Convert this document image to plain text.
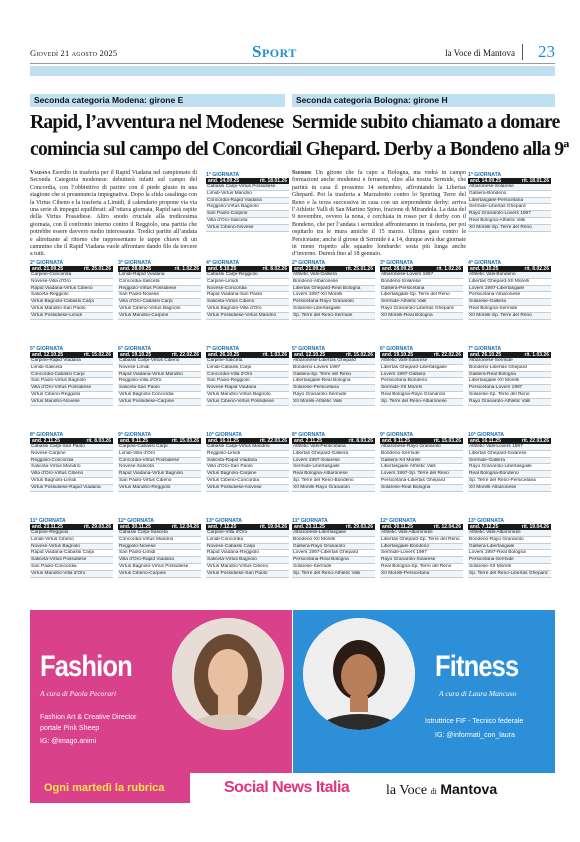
Giovedì 21 agosto 2025	Sport	la Voce di Mantova 23
Seconda categoria Modena: girone E
Rapid, l’avventura nel Modenese
comincia sul campo del Concordia
Viadana Esordio in trasferta per il Rapid Viadana nel campionato di Seconda Categoria modenese: debutterà infatti sul campo del Concordia, con l’obbiettivo di partire con il piede giusto in una stagione che si preannuncia impegnativa. Dopo la sfida casalinga con la Virtus Cibeno e la trasferta a Limidi, il calendario propone via via una serie di impegni equilibrati: all’ottava giornata, Rapid sarà ospite della Virtus Possidiese. Altro snodo cruciale alla tredicesima giornata, con il confronto interno contro il Reggiolo, una partita che potrebbe essere davvero molto interessante. Tredici partite all’andata e altrettante al ritorno che rappresentano le tappe chiave di un cammino che il Rapid Viadana vuole affrontare dando filo da torcere a tutti.
1ª GIORNATA
and. 14.09.25	rit. 18.01.26
Cabassi Carpi-Virtus Possidiese
Limidi-Virtus Mandrio
Concordia-Rapid Viadana
Reggiolo-Virtus Bagnolo
San Paolo-Carpine
Villa d'Oro-Saliceta
Virtus Cibeno-Novese
2ª GIORNATA
and. 21.09.25	rit. 25.01.26
Carpine-Concordia
Novese-Villa d'Oro
Rapid Viadana-Virtus Cibeno
Saliceta-Reggiolo
Virtus Bagnolo-Cabassi Carpi
Virtus Mandrio-San Paolo
Virtus Possidiese-Limidi
3ª GIORNATA
and. 28.09.25	rit. 1.02.26
Limidi-Rapid Viadana
Concordia-Saliceta
Reggiolo-Virtus Possidiese
San Paolo-Novese
Villa d'Oro-Cabassi Carpi
Virtus Cibeno-Virtus Bagnolo
Virtus Mandrio-Carpine
4ª GIORNATA
and. 5.10.25	rit. 8.02.26
Cabassi Carpi-Reggiolo
Carpine-Limidi
Novese-Concordia
Rapid Viadana-San Paolo
Saliceta-Virtus Cibeno
Virtus Bagnolo-Villa d'Oro
Virtus Possidiese-Virtus Mandrio
5ª GIORNATA
and. 12.10.25	rit. 15.02.26
Carpine-Rapid Viadana
Limidi-Saliceta
Concordia-Cabassi Carpi
San Paolo-Virtus Bagnolo
Villa d'Oro-Virtus Possidiese
Virtus Cibeno-Reggiolo
Virtus Mandrio-Novese
6ª GIORNATA
and. 19.10.25	rit. 22.02.26
Cabassi Carpi-Virtus Cibeno
Novese-Limidi
Rapid Viadana-Virtus Mandrio
Reggiolo-Villa d'Oro
Saliceta-San Paolo
Virtus Bagnolo-Concordia
Virtus Possidiese-Carpine
7ª GIORNATA
and. 26.10.25	rit. 1.03.26
Carpine-Saliceta
Limidi-Cabassi Carpi
Concordia-Villa d'Oro
San Paolo-Reggiolo
Novese-Rapid Viadana
Virtus Mandrio-Virtus Bagnolo
Virtus Cibeno-Virtus Possidiese
8ª GIORNATA
and. 2.11.25	rit. 8.03.26
Cabassi Carpi-San Paolo
Novese-Carpine
Reggiolo-Concordia
Saliceta-Virtus Mandrio
Villa d'Oro-Virtus Cibeno
Virtus Bagnolo-Limidi
Virtus Possidiese-Rapid Viadana
9ª GIORNATA
and. 9.11.25	rit. 15.03.26
Carpine-Cabassi Carpi
Limidi-Villa d'Oro
Concordia-Virtus Possidiese
Novese-Saliceta
Rapid Viadana-Virtus Bagnolo
San Paolo-Virtus Cibeno
Virtus Mandrio-Reggiolo
10ª GIORNATA
and. 16.11.25	rit. 22.03.26
Cabassi Carpi-Virtus Mandrio
Reggiolo-Limidi
Saliceta-Rapid Viadana
Villa d'Oro-San Paolo
Virtus Bagnolo-Carpine
Virtus Cibeno-Concordia
Virtus Possidiese-Novese
11ª GIORNATA
and. 23.11.25	rit. 29.03.26
Carpine-Reggiolo
Limidi-Virtus Cibeno
Novese-Virtus Bagnolo
Rapid Viadana-Cabassi Carpi
Saliceta-Virtus Possidiese
San Paolo-Concordia
Virtus Mandrio-Villa d'Oro
12ª GIORNATA
and. 30.11.25	rit. 12.04.26
Cabassi Carpi-Saliceta
Concordia-Virtus Mandrio
Reggiolo-Novese
San Paolo-Limidi
Villa d'Oro-Rapid Viadana
Virtus Bagnolo-Virtus Possidiese
Virtus Cibeno-Carpine
13ª GIORNATA
and. 7.12.25	rit. 19.04.26
Carpine-Villa d'Oro
Limidi-Concordia
Novese-Cabassi Carpi
Rapid Viadana-Reggiolo
Saliceta-Virtus Bagnolo
Virtus Mandrio-Virtus Cibeno
Virtus Possidiese-San Paolo
Seconda categoria Bologna: girone H
Sermide subito chiamato a domare
il Ghepard. Derby a Bondeno alla 9ª
Sermide Un girone che fa capo a Bologna, ma vedrà in campo formazioni anche modenesi e ferraresi, oltre alla nostra Sermide, che partirà in casa il prossimo 14 settembre, affrontando la Libertas Ghepard. Poi la trasferta a Marzabotto contro lo Sporting Terre del Reno e la terza successiva in casa con un sorprendente derby: arriva l’Athletic Valli di San Martino Spino, frazione di Mirandola. La data del 9 novembre, ovvero la nona, è cerchiata in rosso per il derby con il Bondeno, che per l’andata i sermidesi affronteranno in trasferta, per poi ospitarlo tra le mura amiche il 15 marzo. Ultima gara contro le Persicetane; anche il girone di Sermide è a 14, dunque avrà due giornate in meno rispetto alle squadre lombarde: sosta più lunga anche d’inverno. Durerà fino al 18 gennaio.
1ª GIORNATA
and. 14.09.25	rit. 18.01.26
Albaronese-Solarese
Galliera-Bondeno
Libertasgaile-Persicetana
Sermide-Libertas Ghepard
Rayo Granarolo-Lovers 1997
Real Bologna-Athletic Valli
XII Morelli-Sp. Terre del Reno
2ª GIORNATA
and. 21.09.25	rit. 25.01.26
Athletic Valli-Galliera
Bondeno-Albaronese
Libertas Ghepard-Real Bologna
Lovers 1997-XII Morelli
Persicetana-Rayo Granarolo
Solarese-Libertasgaile
Sp. Terre del Reno-Sermide
3ª GIORNATA
and. 28.09.25	rit. 1.02.26
Albaronese-Lovers 1997
Bondeno-Solarese
Galliera-Persicetana
Libertasgaile-Sp. Terre del Reno
Sermide-Athletic Valli
Rayo Granarolo-Libertas Ghepard
XII Morelli-Real Bologna
4ª GIORNATA
and. 5.10.25	rit. 8.02.26
Athletic Valli-Bondeno
Libertas Ghepard-XII Morelli
Lovers 1997-Libertasgaile
Persicetana-Albaronese
Solarese-Galliera
Real Bologna-Sermide
XII Morelli-Sp. Terre del Reno
5ª GIORNATA
and. 12.10.25	rit. 15.02.26
Albaronese-Libertas Ghepard
Bondeno-Lovers 1997
Galliera-Sp. Terre del Reno
Libertasgaile-Real Bologna
Solarese-Persicetana
Rayo Granarolo-Sermide
XII Morelli-Athletic Valli
6ª GIORNATA
and. 19.10.25	rit. 22.02.26
Athletic Valli-Solarese
Libertas Ghepard-Libertasgaile
Lovers 1997-Galliera
Persicetana-Bondeno
Sermide-XII Morelli
Real Bologna-Rayo Granarolo
Sp. Terre del Reno-Albaronese
7ª GIORNATA
and. 26.10.25	rit. 1.03.26
Albaronese-Sermide
Bondeno-Libertas Ghepard
Galliera-Real Bologna
Libertasgaile-XII Morelli
Persicetana-Lovers 1997
Solarese-Sp. Terre del Reno
Rayo Granarolo-Athletic Valli
8ª GIORNATA
and. 2.11.25	rit. 8.03.26
Athletic Valli-Persicetana
Libertas Ghepard-Galliera
Lovers 1997-Solarese
Sermide-Libertasgaile
Real Bologna-Albaronese
Sp. Terre del Reno-Bondeno
XII Morelli-Rayo Granarolo
9ª GIORNATA
and. 9.11.25	rit. 15.03.26
Albaronese-Rayo Granarolo
Bondeno-Sermide
Galliera-XII Morelli
Libertasgaile-Athletic Valli
Lovers 1997-Sp. Terre del Reno
Persicetana-Libertas Ghepard
Solarese-Real Bologna
10ª GIORNATA
and. 16.11.25	rit. 22.03.26
Athletic Valli-Lovers 1997
Libertas Ghepard-Solarese
Sermide-Galliera
Rayo Granarolo-Libertasgaile
Real Bologna-Bondeno
Sp. Terre del Reno-Persicetana
XII Morelli-Albaronese
11ª GIORNATA
and. 23.11.25	rit. 29.03.26
Albaronese-Libertasgaile
Bondeno-XII Morelli
Galliera-Rayo Granarolo
Lovers 1997-Libertas Ghepard
Persicetana-Real Bologna
Solarese-Sermide
Sp. Terre del Reno-Athletic Valli
12ª GIORNATA
and. 30.11.25	rit. 12.04.26
Athletic Valli-Albaronese
Libertas Ghepard-Sp. Terre del Reno
Libertasgaile-Bondeno
Sermide-Lovers 1997
Rayo Granarolo-Solarese
Real Bologna-Sp. Terre del Reno
XII Morelli-Persicetana
13ª GIORNATA
and. 7.12.25	rit. 19.04.26
Athletic Valli-Albaronese
Bondeno-Rayo Granarolo
Galliera-Libertasgaile
Lovers 1997-Real Bologna
Persicetana-Sermide
Solarese-XII Morelli
Sp. Terre del Reno-Libertas Ghepard
Fashion
A cura di Paola Pecorari
Fashion Art & Creative Director
portale Pink Sheep
IG: @imago.animi
Fitness
A cura di Laura Mancuso
Istruttrice FIF - Tecnico federale
IG: @informati_con_laura
Ogni martedì la rubrica	Social News Italia	la Voce di Mantova
